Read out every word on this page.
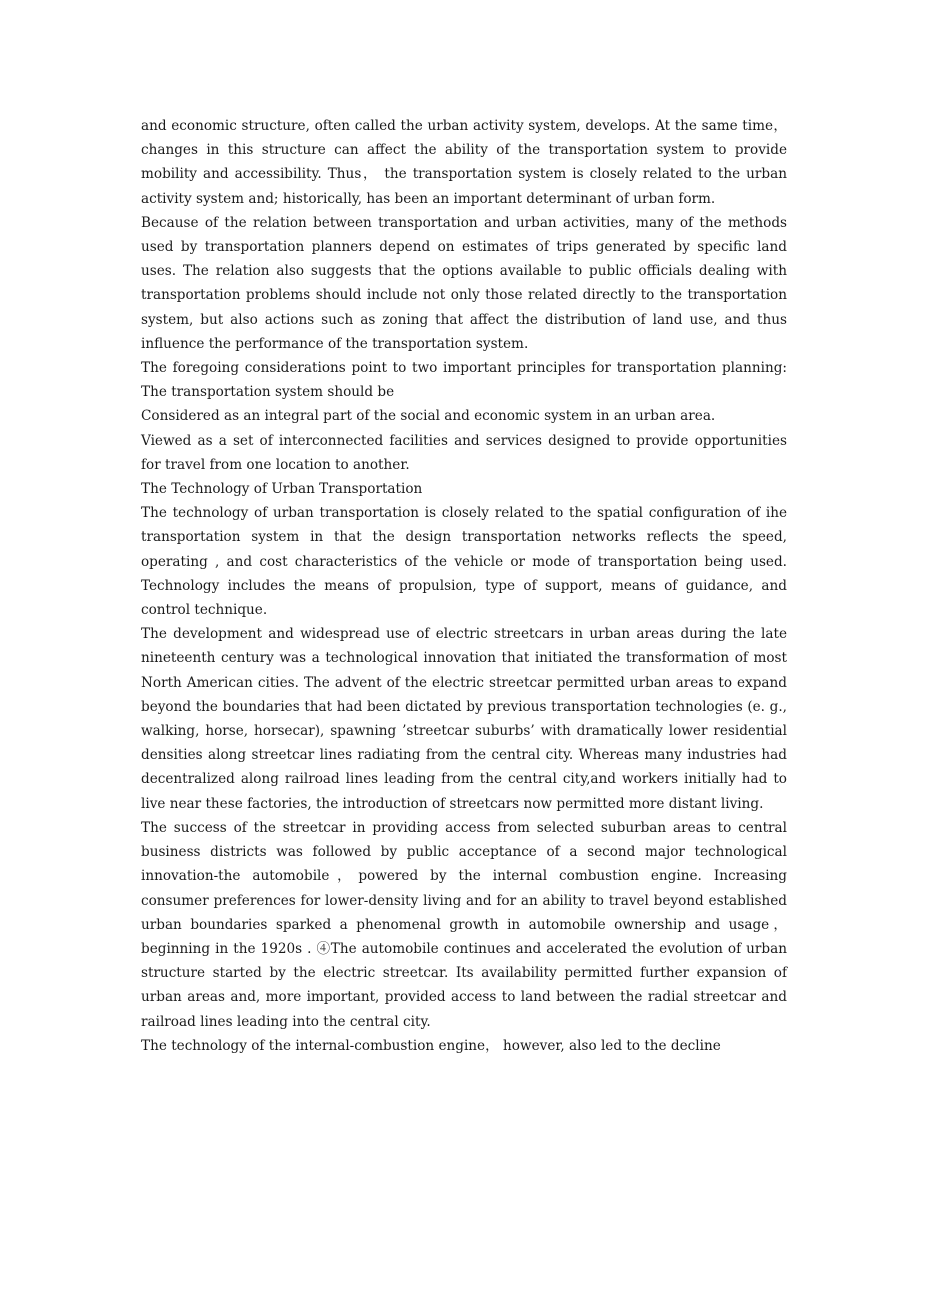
and economic structure, often called the urban activity system, develops. At the same time， changes in this structure can affect the ability of the transportation system to provide mobility and accessibility. Thus， the transportation system is closely related to the urban activity system and; historically, has been an important determinant of urban form.

Because of the relation between transportation and urban activities, many of the methods used by transportation planners depend on estimates of trips generated by specific land uses. The relation also suggests that the options available to public officials dealing with transportation problems should include not only those related directly to the transportation system, but also actions such as zoning that affect the distribution of land use, and thus influence the performance of the transportation system.

The foregoing considerations point to two important principles for transportation planning: The transportation system should be

Considered as an integral part of the social and economic system in an urban area.

Viewed as a set of interconnected facilities and services designed to provide opportunities for travel from one location to another.

The Technology of Urban Transportation

The technology of urban transportation is closely related to the spatial configuration of ihe transportation system in that the design transportation networks reflects the speed, operating , and cost characteristics of the vehicle or mode of transportation being used. Technology includes the means of propulsion, type of support, means of guidance, and control technique.

The development and widespread use of electric streetcars in urban areas during the late nineteenth century was a technological innovation that initiated the transformation of most North American cities. The advent of the electric streetcar permitted urban areas to expand beyond the boundaries that had been dictated by previous transportation technologies (e. g., walking, horse, horsecar), spawning ’streetcar suburbs’ with dramatically lower residential densities along streetcar lines radiating from the central city. Whereas many industries had decentralized along railroad lines leading from the central city,and workers initially had to live near these factories, the introduction of streetcars now permitted more distant living.

The success of the streetcar in providing access from selected suburban areas to central business districts was followed by public acceptance of a second major technological innovation-the automobile，powered by the internal combustion engine. Increasing consumer preferences for lower-density living and for an ability to travel beyond established urban boundaries sparked a phenomenal growth in automobile ownership and usage， beginning in the 1920s . ④The automobile continues and accelerated the evolution of urban structure started by the electric streetcar. Its availability permitted further expansion of urban areas and, more important, provided access to land between the radial streetcar and railroad lines leading into the central city.

The technology of the internal-combustion engine， however, also led to the decline
